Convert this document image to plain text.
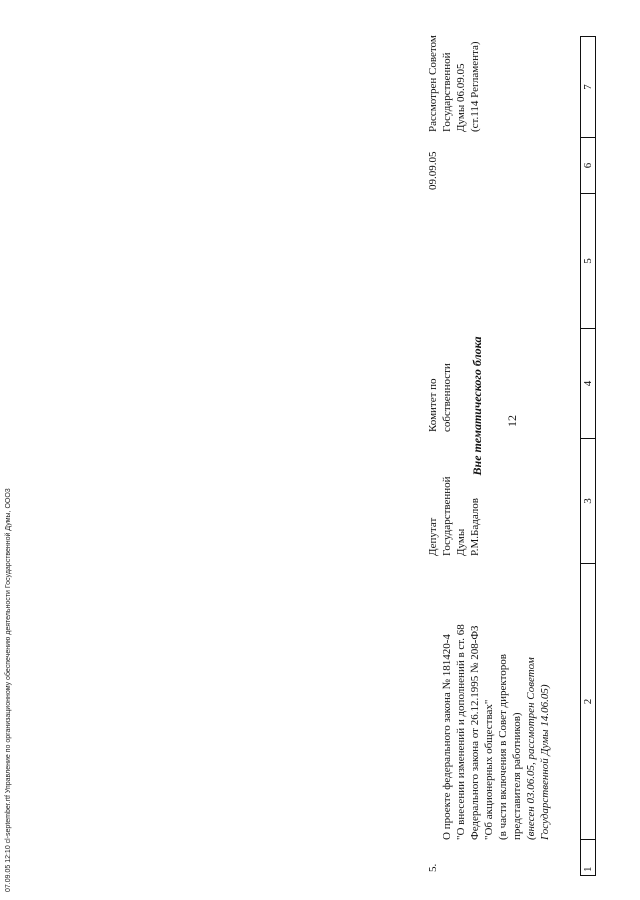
12
1
2
3
4
5
6
7
Вне тематического блока
5.

О проекте федерального закона № 181420-4 "О внесении изменений и дополнений в ст. 68
Федерального закона от 26.12.1995 № 208-ФЗ
"Об акционерных обществах"
(в части включения в Совет директоров
представителя работников)
(внесен 03.06.05, рассмотрен Советом
Государственной Думы 14.06.05)
Депутат
Государственной
Думы
Р.М.Бадалов
Комитет по
собственности
09.09.05
Рассмотрен Советом
Государственной
Думы 06.09.05
(ст.114 Регламента)
07.09.05 12:10 cl-september.rtf Управление по организационному обеспечению деятельности Государственной Думы, ООО3
